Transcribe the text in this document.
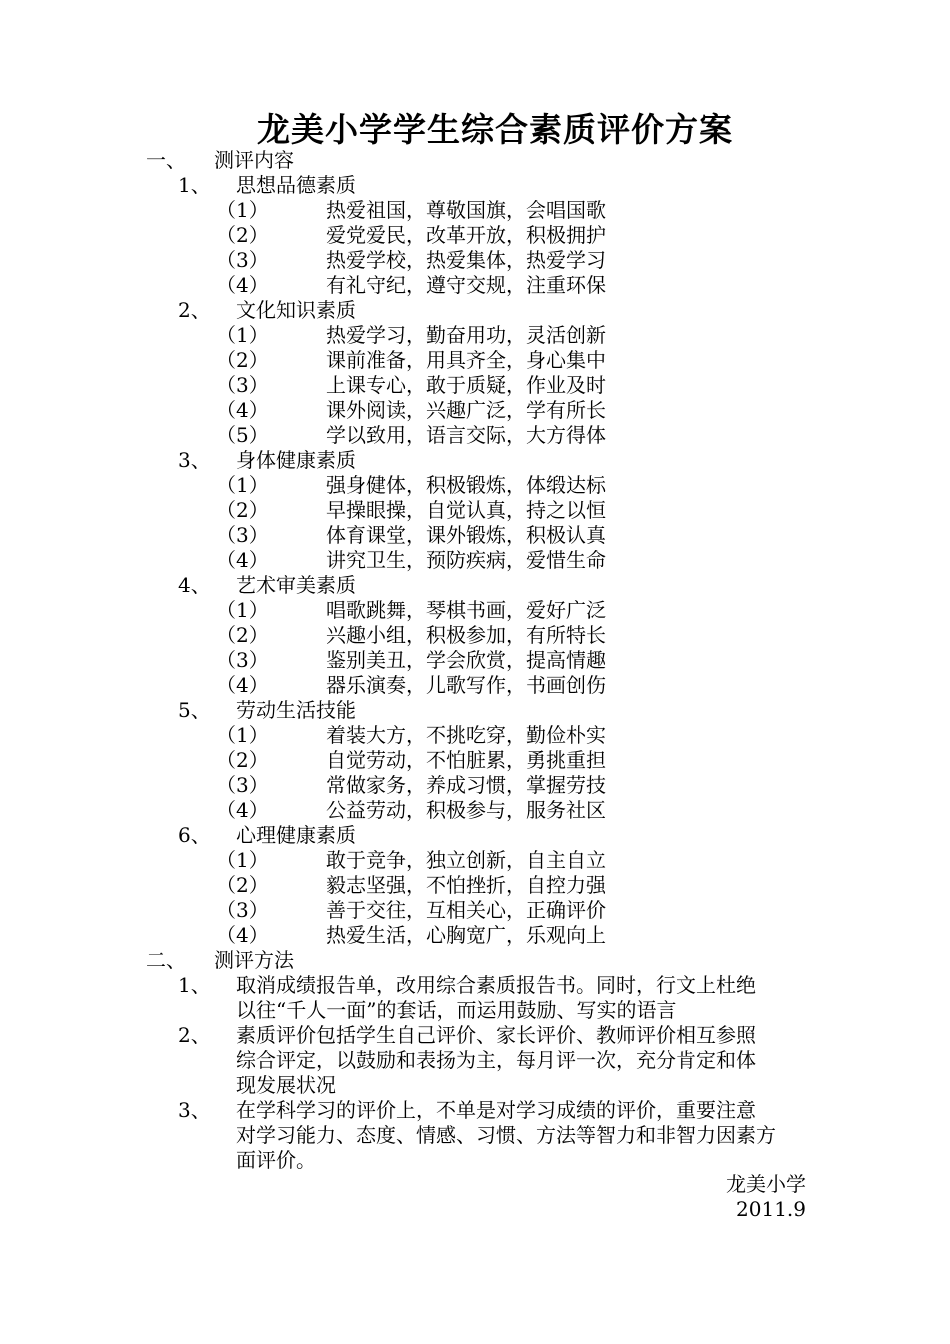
龙美小学学生综合素质评价方案
一、 测评内容
1、 思想品德素质
（1）	热爱祖国，尊敬国旗，会唱国歌
（2）	爱党爱民，改革开放，积极拥护
（3）	热爱学校，热爱集体，热爱学习
（4）	有礼守纪，遵守交规，注重环保
2、 文化知识素质
（1）	热爱学习，勤奋用功，灵活创新
（2）	课前准备，用具齐全，身心集中
（3）	上课专心，敢于质疑，作业及时
（4）	课外阅读，兴趣广泛，学有所长
（5）	学以致用，语言交际，大方得体
3、 身体健康素质
（1）	强身健体，积极锻炼，体缎达标
（2）	早操眼操，自觉认真，持之以恒
（3）	体育课堂，课外锻炼，积极认真
（4）	讲究卫生，预防疾病，爱惜生命
4、 艺术审美素质
（1）	唱歌跳舞，琴棋书画，爱好广泛
（2）	兴趣小组，积极参加，有所特长
（3）	鉴别美丑，学会欣赏，提高情趣
（4）	器乐演奏，儿歌写作，书画创伤
5、 劳动生活技能
（1）	着装大方，不挑吃穿，勤俭朴实
（2）	自觉劳动，不怕脏累，勇挑重担
（3）	常做家务，养成习惯，掌握劳技
（4）	公益劳动，积极参与，服务社区
6、 心理健康素质
（1）	敢于竞争，独立创新，自主自立
（2）	毅志坚强，不怕挫折，自控力强
（3）	善于交往，互相关心，正确评价
（4）	热爱生活，心胸宽广，乐观向上
二、 测评方法
1、 取消成绩报告单，改用综合素质报告书。同时，行文上杜绝
以往“千人一面”的套话，而运用鼓励、写实的语言
2、 素质评价包括学生自己评价、家长评价、教师评价相互参照
综合评定，以鼓励和表扬为主，每月评一次，充分肯定和体
现发展状况
3、 在学科学习的评价上，不单是对学习成绩的评价，重要注意
对学习能力、态度、情感、习惯、方法等智力和非智力因素方
面评价。
龙美小学
2011.9
